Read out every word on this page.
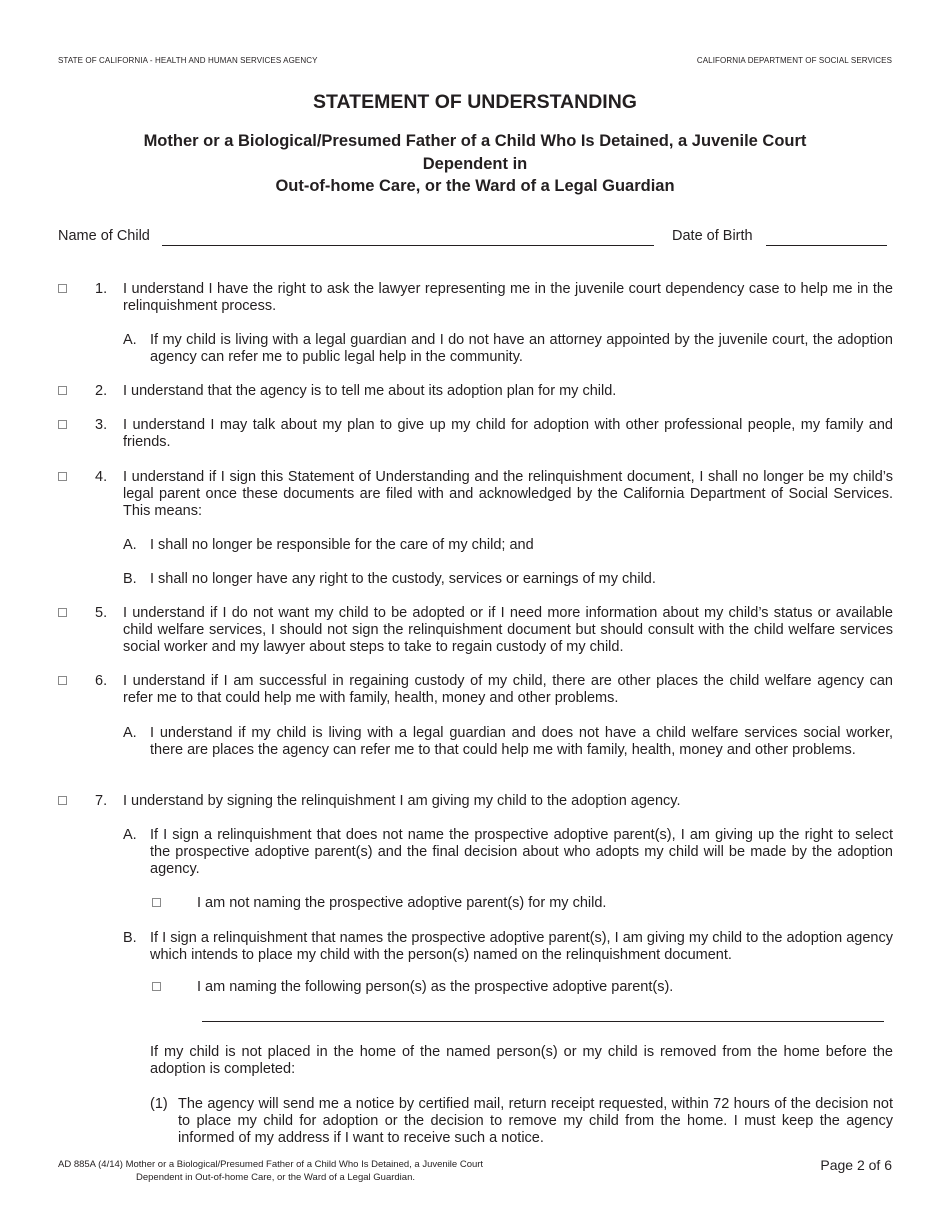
STATE OF CALIFORNIA - HEALTH AND HUMAN SERVICES AGENCY	CALIFORNIA DEPARTMENT OF SOCIAL SERVICES
STATEMENT OF UNDERSTANDING
Mother or a Biological/Presumed Father of a Child Who Is Detained, a Juvenile Court
Dependent in
Out-of-home Care, or the Ward of a Legal Guardian
Name of Child	Date of Birth
1. I understand I have the right to ask the lawyer representing me in the juvenile court dependency case to help me in the relinquishment process.
A. If my child is living with a legal guardian and I do not have an attorney appointed by the juvenile court, the adoption agency can refer me to public legal help in the community.
2. I understand that the agency is to tell me about its adoption plan for my child.
3. I understand I may talk about my plan to give up my child for adoption with other professional people, my family and friends.
4. I understand if I sign this Statement of Understanding and the relinquishment document, I shall no longer be my child’s legal parent once these documents are filed with and acknowledged by the California Department of Social Services. This means:
A. I shall no longer be responsible for the care of my child; and
B. I shall no longer have any right to the custody, services or earnings of my child.
5. I understand if I do not want my child to be adopted or if I need more information about my child’s status or available child welfare services, I should not sign the relinquishment document but should consult with the child welfare services social worker and my lawyer about steps to take to regain custody of my child.
6. I understand if I am successful in regaining custody of my child, there are other places the child welfare agency can refer me to that could help me with family, health, money and other problems.
A. I understand if my child is living with a legal guardian and does not have a child welfare services social worker, there are places the agency can refer me to that could help me with family, health, money and other problems.
7. I understand by signing the relinquishment I am giving my child to the adoption agency.
A. If I sign a relinquishment that does not name the prospective adoptive parent(s), I am giving up the right to select the prospective adoptive parent(s) and the final decision about who adopts my child will be made by the adoption agency.
I am not naming the prospective adoptive parent(s) for my child.
B. If I sign a relinquishment that names the prospective adoptive parent(s), I am giving my child to the adoption agency which intends to place my child with the person(s) named on the relinquishment document.
I am naming the following person(s) as the prospective adoptive parent(s).
If my child is not placed in the home of the named person(s) or my child is removed from the home before the adoption is completed:
(1) The agency will send me a notice by certified mail, return receipt requested, within 72 hours of the decision not to place my child for adoption or the decision to remove my child from the home. I must keep the agency informed of my address if I want to receive such a notice.
AD 885A (4/14) Mother or a Biological/Presumed Father of a Child Who Is Detained, a Juvenile Court
Dependent in Out-of-home Care, or the Ward of a Legal Guardian.
Page 2 of 6
